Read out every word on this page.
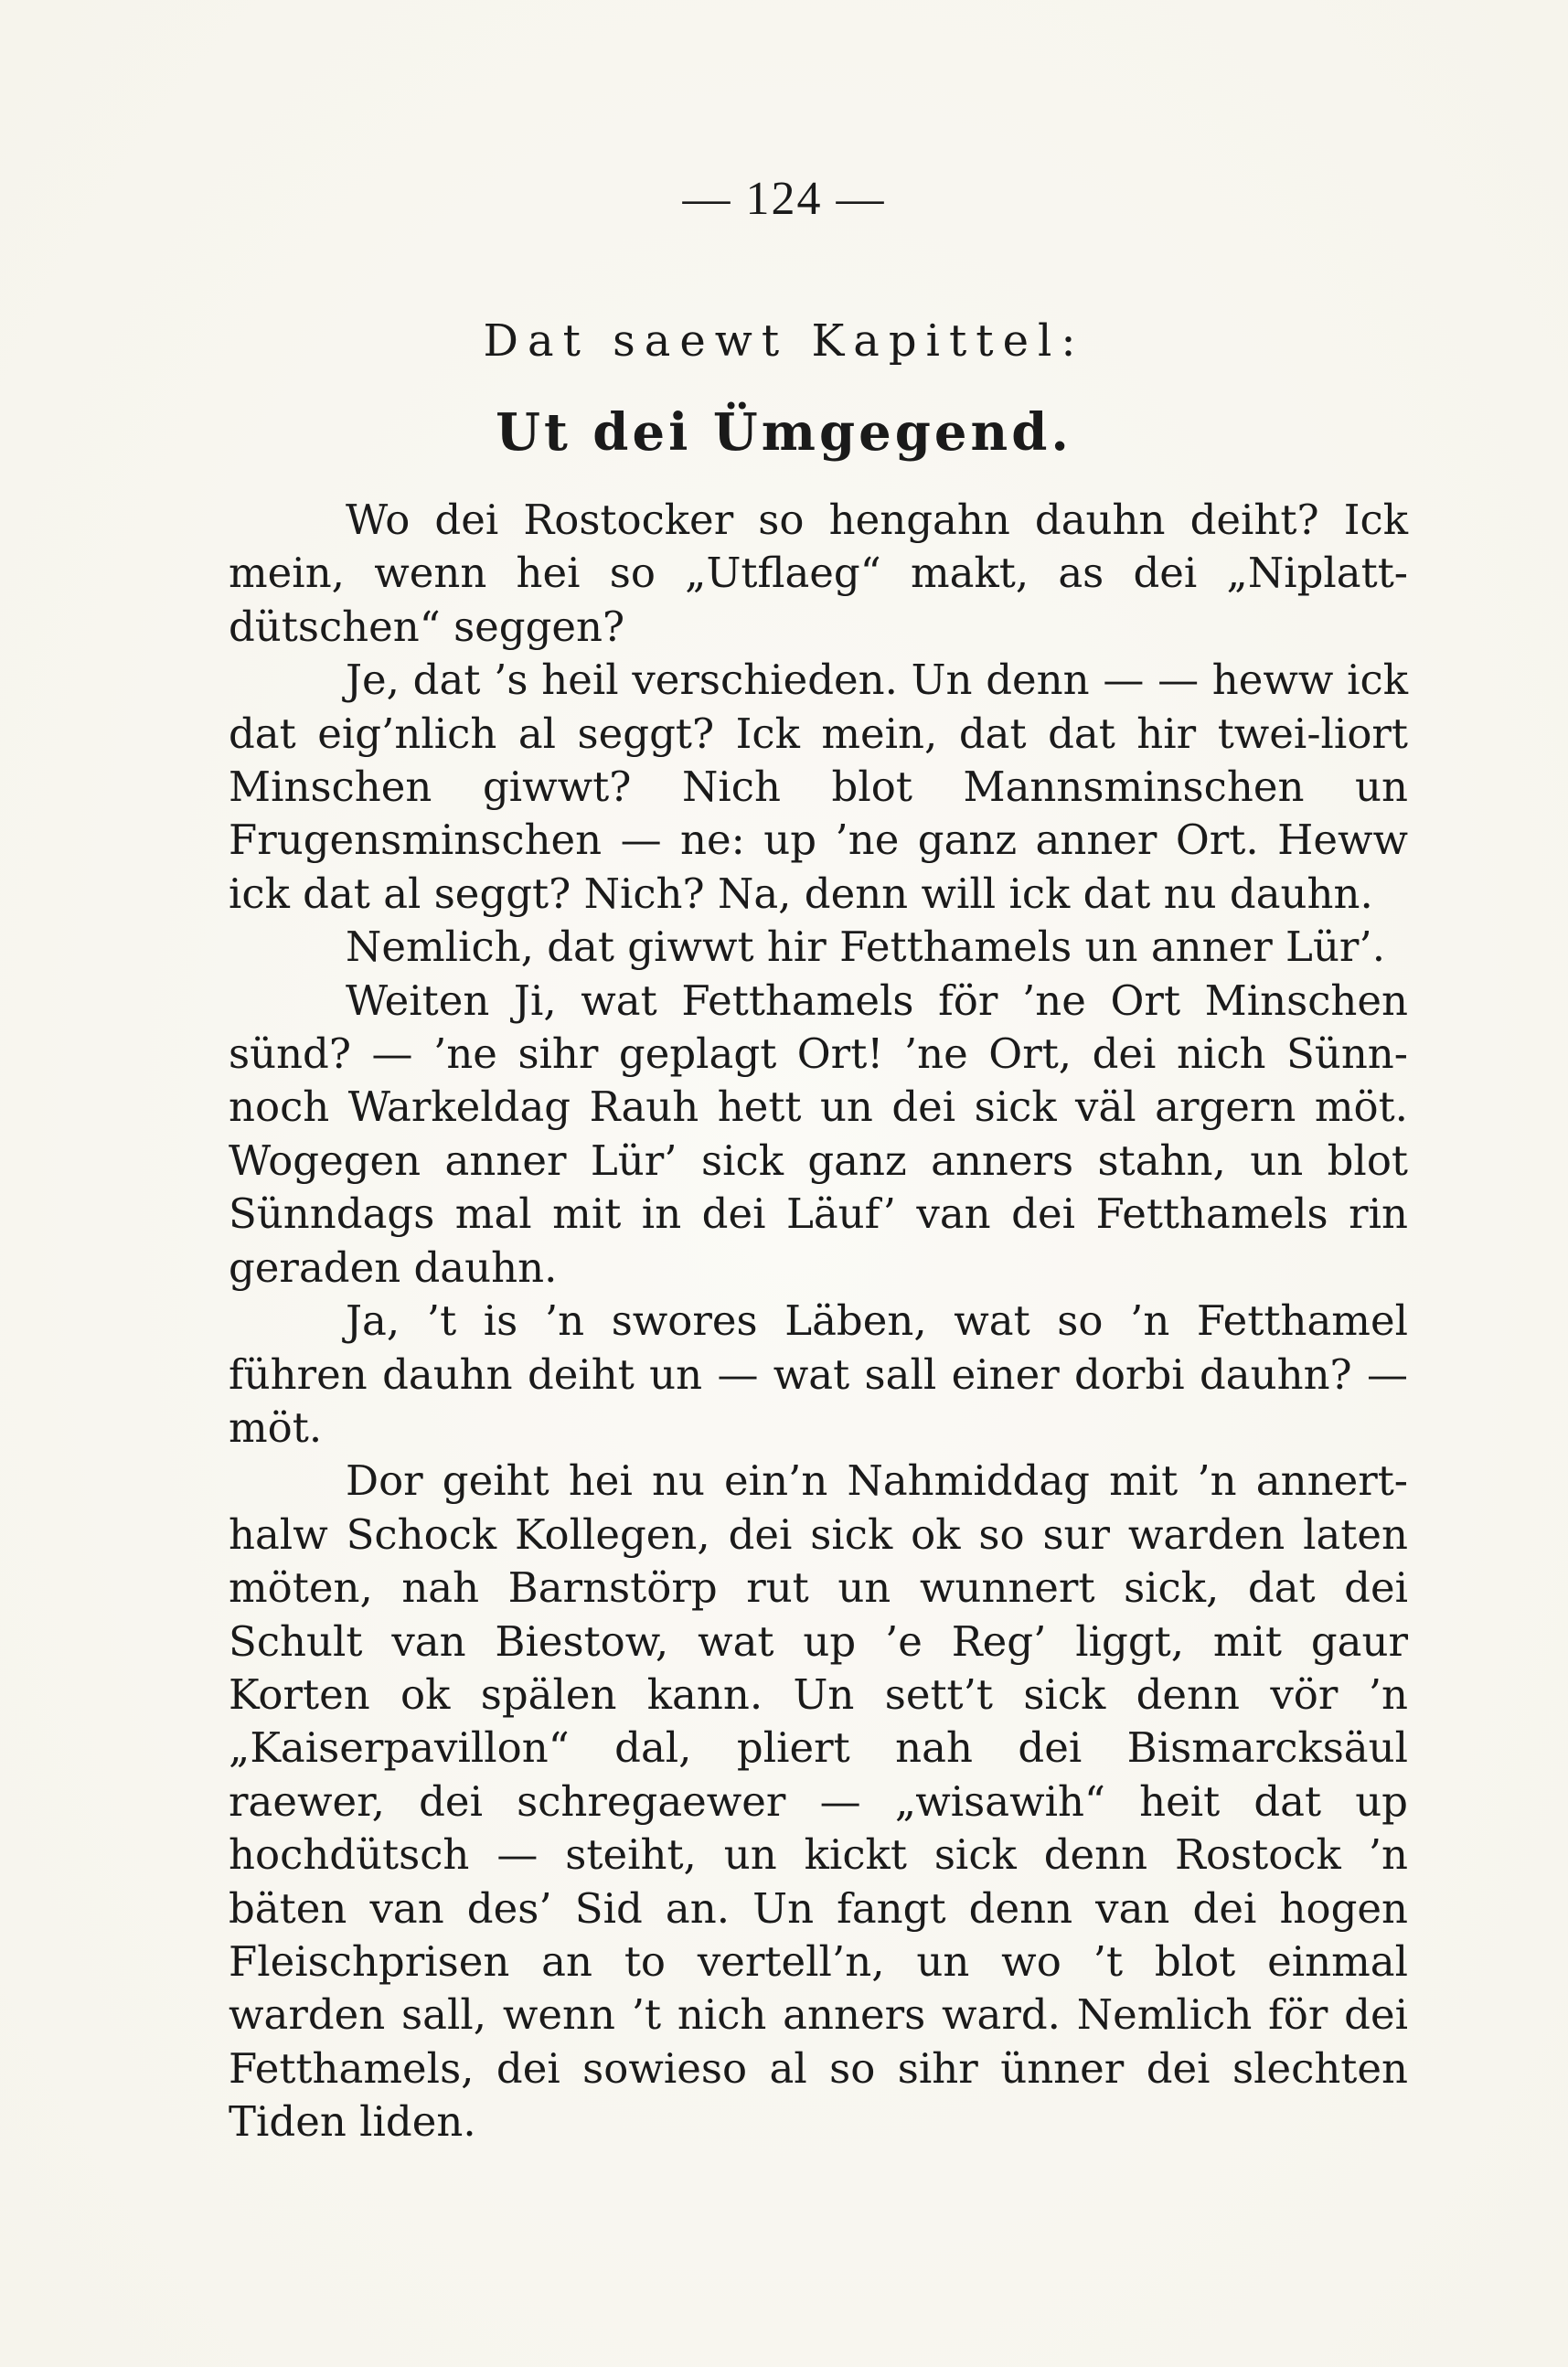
— 124 —
Dat saewt Kapittel:
Ut dei Ümgegend.

Wo dei Rostocker so hengahn dauhn deiht? Ick mein, wenn hei so „Utflaeg“ makt, as dei „Niplatt-dütschen“ seggen?

Je, dat ’s heil verschieden. Un denn — — heww ick dat eig’nlich al seggt? Ick mein, dat dat hir twei-liort Minschen giwwt? Nich blot Mannsminschen un Frugensminschen — ne: up ’ne ganz anner Ort. Heww ick dat al seggt? Nich? Na, denn will ick dat nu dauhn.

Nemlich, dat giwwt hir Fetthamels un anner Lür’.

Weiten Ji, wat Fetthamels för ’ne Ort Minschen sünd? — ’ne sihr geplagt Ort! ’ne Ort, dei nich Sünn-noch Warkeldag Rauh hett un dei sick väl argern möt. Wogegen anner Lür’ sick ganz anners stahn, un blot Sünndags mal mit in dei Läuf’ van dei Fetthamels rin geraden dauhn.

Ja, ’t is ’n swores Läben, wat so ’n Fetthamel führen dauhn deiht un — wat sall einer dorbi dauhn? — möt.

Dor geiht hei nu ein’n Nahmiddag mit ’n annert-halw Schock Kollegen, dei sick ok so sur warden laten möten, nah Barnstörp rut un wunnert sick, dat dei Schult van Biestow, wat up ’e Reg’ liggt, mit gaur Korten ok spälen kann. Un sett’t sick denn vör ’n „Kaiserpavillon“ dal, pliert nah dei Bismarcksäul raewer, dei schregaewer — „wisawih“ heit dat up hochdütsch — steiht, un kickt sick denn Rostock ’n bäten van des’ Sid an. Un fangt denn van dei hogen Fleischprisen an to vertell’n, un wo ’t blot einmal warden sall, wenn ’t nich anners ward. Nemlich för dei Fetthamels, dei sowieso al so sihr ünner dei slechten Tiden liden.
